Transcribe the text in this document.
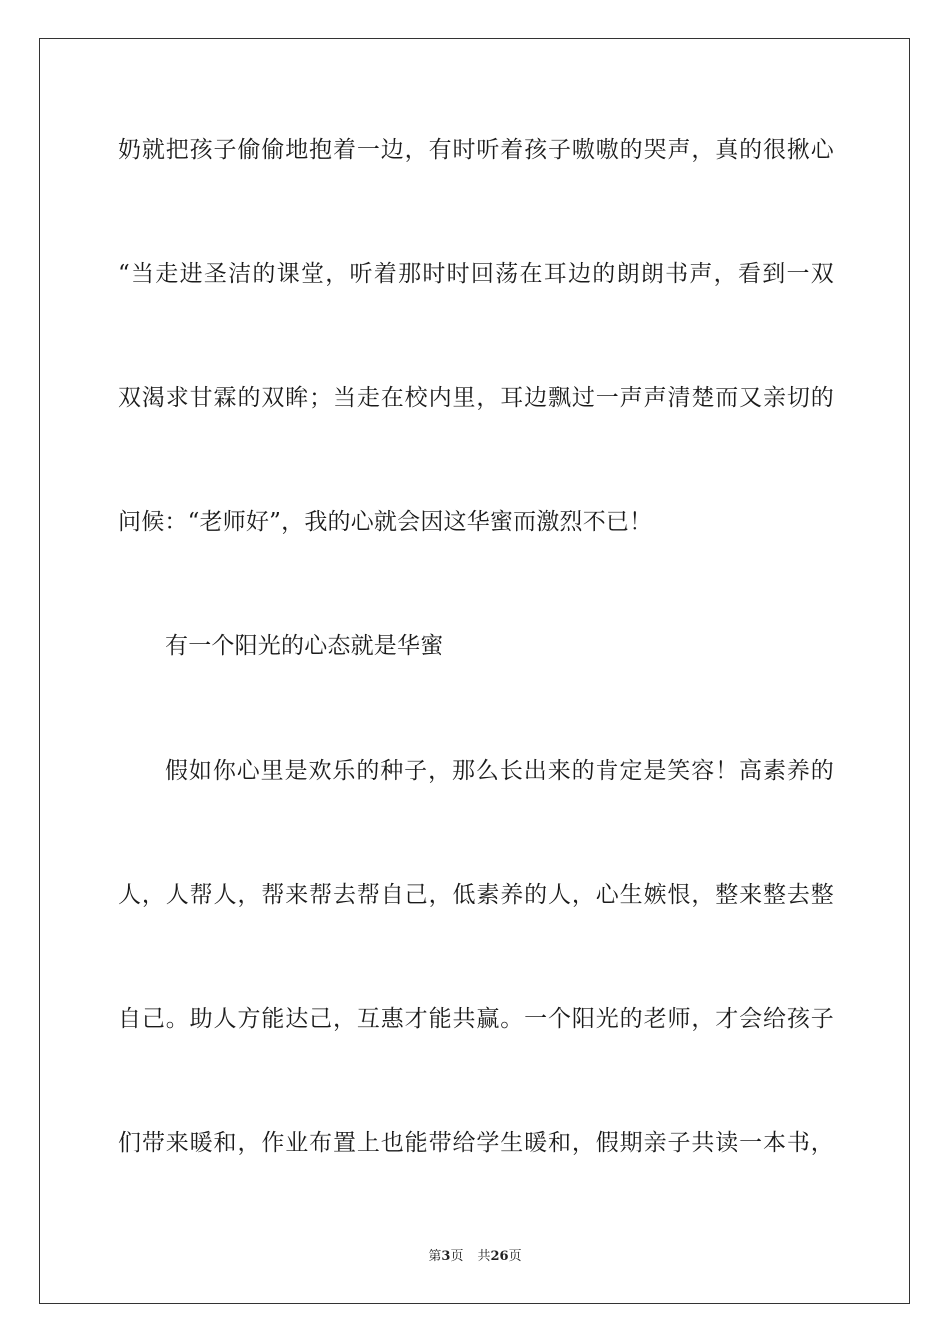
奶就把孩子偷偷地抱着一边，有时听着孩子嗷嗷的哭声，真的很揪心
“当走进圣洁的课堂，听着那时时回荡在耳边的朗朗书声，看到一双
双渴求甘霖的双眸；当走在校内里，耳边飘过一声声清楚而又亲切的
问候：“老师好”，我的心就会因这华蜜而激烈不已！
有一个阳光的心态就是华蜜
假如你心里是欢乐的种子，那么长出来的肯定是笑容！高素养的
人，人帮人，帮来帮去帮自己，低素养的人，心生嫉恨，整来整去整
自己。助人方能达己，互惠才能共赢。一个阳光的老师，才会给孩子
们带来暖和，作业布置上也能带给学生暖和，假期亲子共读一本书，
第3页 共26页
